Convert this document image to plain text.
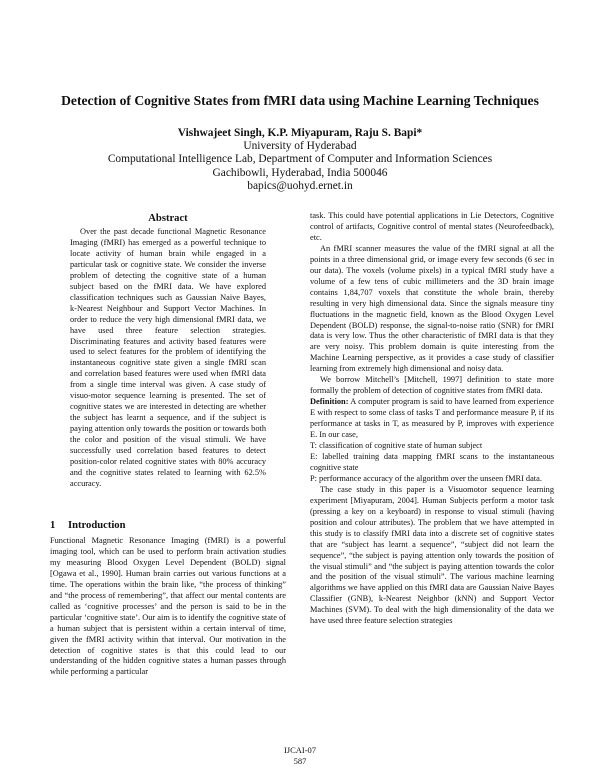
Detection of Cognitive States from fMRI data using Machine Learning Techniques
Vishwajeet Singh, K.P. Miyapuram, Raju S. Bapi*
University of Hyderabad
Computational Intelligence Lab, Department of Computer and Information Sciences
Gachibowli, Hyderabad, India 500046
bapics@uohyd.ernet.in
Abstract

Over the past decade functional Magnetic Resonance Imaging (fMRI) has emerged as a powerful technique to locate activity of human brain while engaged in a particular task or cognitive state. We consider the inverse problem of detecting the cognitive state of a human subject based on the fMRI data. We have explored classification techniques such as Gaussian Naive Bayes, k-Nearest Neighbour and Support Vector Machines. In order to reduce the very high dimensional fMRI data, we have used three feature selection strategies. Discriminating features and activity based features were used to select features for the problem of identifying the instantaneous cognitive state given a single fMRI scan and correlation based features were used when fMRI data from a single time interval was given. A case study of visuo-motor sequence learning is presented. The set of cognitive states we are interested in detecting are whether the subject has learnt a sequence, and if the subject is paying attention only towards the position or towards both the color and position of the visual stimuli. We have successfully used correlation based features to detect position-color related cognitive states with 80% accuracy and the cognitive states related to learning with 62.5% accuracy.

1 Introduction

Functional Magnetic Resonance Imaging (fMRI) is a powerful imaging tool, which can be used to perform brain activation studies my measuring Blood Oxygen Level Dependent (BOLD) signal [Ogawa et al., 1990]. Human brain carries out various functions at a time. The operations within the brain like, “the process of thinking” and “the process of remembering”, that affect our mental contents are called as ‘cognitive processes’ and the person is said to be in the particular ‘cognitive state’. Our aim is to identify the cognitive state of a human subject that is persistent within a certain interval of time, given the fMRI activity within that interval. Our motivation in the detection of cognitive states is that this could lead to our understanding of the hidden cognitive states a human passes through while performing a particular

task. This could have potential applications in Lie Detectors, Cognitive control of artifacts, Cognitive control of mental states (Neurofeedback), etc.

An fMRI scanner measures the value of the fMRI signal at all the points in a three dimensional grid, or image every few seconds (6 sec in our data). The voxels (volume pixels) in a typical fMRI study have a volume of a few tens of cubic millimeters and the 3D brain image contains 1,84,707 voxels that constitute the whole brain, thereby resulting in very high dimensional data. Since the signals measure tiny fluctuations in the magnetic field, known as the Blood Oxygen Level Dependent (BOLD) response, the signal-to-noise ratio (SNR) for fMRI data is very low. Thus the other characteristic of fMRI data is that they are very noisy. This problem domain is quite interesting from the Machine Learning perspective, as it provides a case study of classifier learning from extremely high dimensional and noisy data.

We borrow Mitchell’s [Mitchell, 1997] definition to state more formally the problem of detection of cognitive states from fMRI data.

Definition: A computer program is said to have learned from experience E with respect to some class of tasks T and performance measure P, if its performance at tasks in T, as measured by P, improves with experience E. In our case,

T: classification of cognitive state of human subject

E: labelled training data mapping fMRI scans to the instantaneous cognitive state

P: performance accuracy of the algorithm over the unseen fMRI data.

The case study in this paper is a Visuomotor sequence learning experiment [Miyapuram, 2004]. Human Subjects perform a motor task (pressing a key on a keyboard) in response to visual stimuli (having position and colour attributes). The problem that we have attempted in this study is to classify fMRI data into a discrete set of cognitive states that are “subject has learnt a sequence”, “subject did not learn the sequence”, “the subject is paying attention only towards the position of the visual stimuli” and “the subject is paying attention towards the color and the position of the visual stimuli”. The various machine learning algorithms we have applied on this fMRI data are Gaussian Naive Bayes Classifier (GNB), k-Nearest Neighbor (kNN) and Support Vector Machines (SVM). To deal with the high dimensionality of the data we have used three feature selection strategies

IJCAI-07
587
